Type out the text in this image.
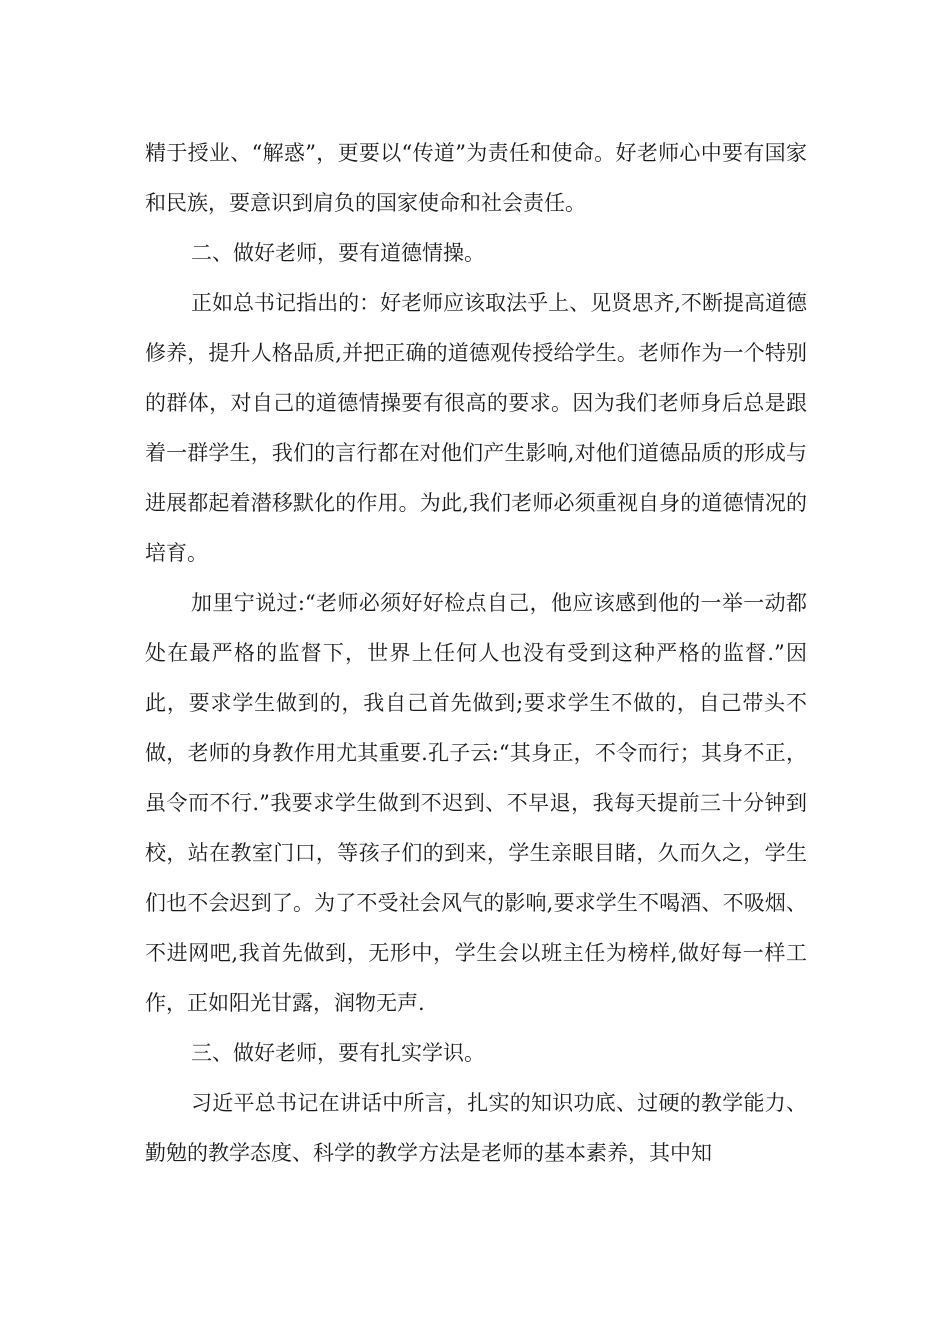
精于授业、“解惑”，更要以“传道”为责任和使命。好老师心中要有国家和民族，要意识到肩负的国家使命和社会责任。

二、做好老师，要有道德情操。

正如总书记指出的：好老师应该取法乎上、见贤思齐,不断提高道德修养，提升人格品质,并把正确的道德观传授给学生。老师作为一个特别的群体，对自己的道德情操要有很高的要求。因为我们老师身后总是跟着一群学生，我们的言行都在对他们产生影响,对他们道德品质的形成与进展都起着潜移默化的作用。为此,我们老师必须重视自身的道德情况的培育。

加里宁说过:“老师必须好好检点自己，他应该感到他的一举一动都处在最严格的监督下，世界上任何人也没有受到这种严格的监督.”因此，要求学生做到的，我自己首先做到;要求学生不做的，自己带头不做，老师的身教作用尤其重要.孔子云:“其身正，不令而行；其身不正，虽令而不行.”我要求学生做到不迟到、不早退，我每天提前三十分钟到校，站在教室门口，等孩子们的到来，学生亲眼目睹，久而久之，学生们也不会迟到了。为了不受社会风气的影响,要求学生不喝酒、不吸烟、不进网吧,我首先做到，无形中，学生会以班主任为榜样,做好每一样工作，正如阳光甘露，润物无声.

三、做好老师，要有扎实学识。

习近平总书记在讲话中所言，扎实的知识功底、过硬的教学能力、勤勉的教学态度、科学的教学方法是老师的基本素养，其中知
